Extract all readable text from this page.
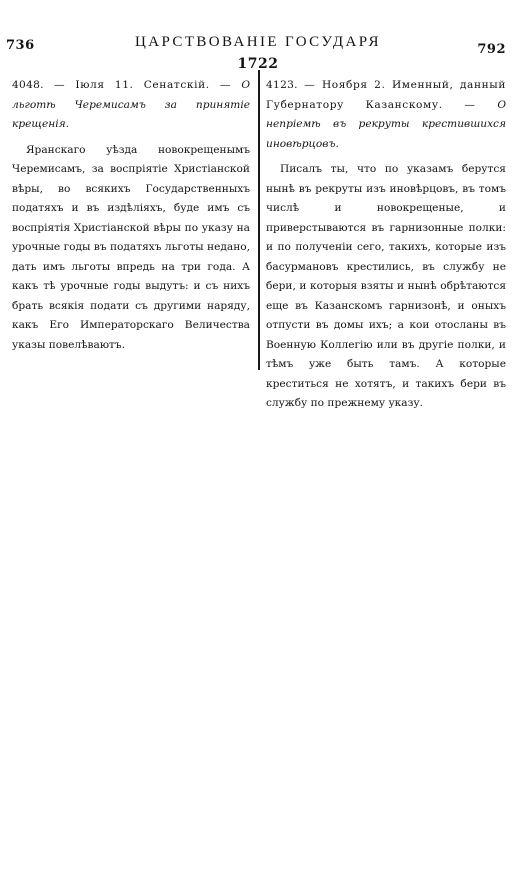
736	ЦАРСТВОВАНІЕ ГОСУДАРЯ	792
1722

4048. — Іюля 11. Сенатскій. — О льготѣ Черемисамъ за принятіе крещенія.

Яранскаго уѣзда новокрещенымъ Черемисамъ, за воспріятіе Христіанской вѣры, во всякихъ Государственныхъ податяхъ и въ издѣліяхъ, буде имъ съ воспріятія Христіанской вѣры по указу на урочные годы въ податяхъ льготы недано, дать имъ льготы впредь на три года. А какъ тѣ урочные годы выдутъ: и съ нихъ брать всякія подати съ другими наряду, какъ Его Императорскаго Величества указы повелѣваютъ.

4123. — Ноября 2. Именный, данный Губернатору Казанскому. — О непріемѣ въ рекруты крестившихся иновѣрцовъ.

Писалъ ты, что по указамъ берутся нынѣ въ рекруты изъ иновѣрцовъ, въ томъ числѣ и новокрещеные, и приверстываются въ гарнизонные полки: и по полученіи сего, такихъ, которые изъ басурмановъ крестились, въ службу не бери, и которыя взяты и нынѣ обрѣтаются еще въ Казанскомъ гарнизонѣ, и оныхъ отпусти въ домы ихъ; а кои отосланы въ Военную Коллегію или въ другіе полки, и тѣмъ уже быть тамъ. А которые креститься не хотятъ, и такихъ бери въ службу по прежнему указу.
